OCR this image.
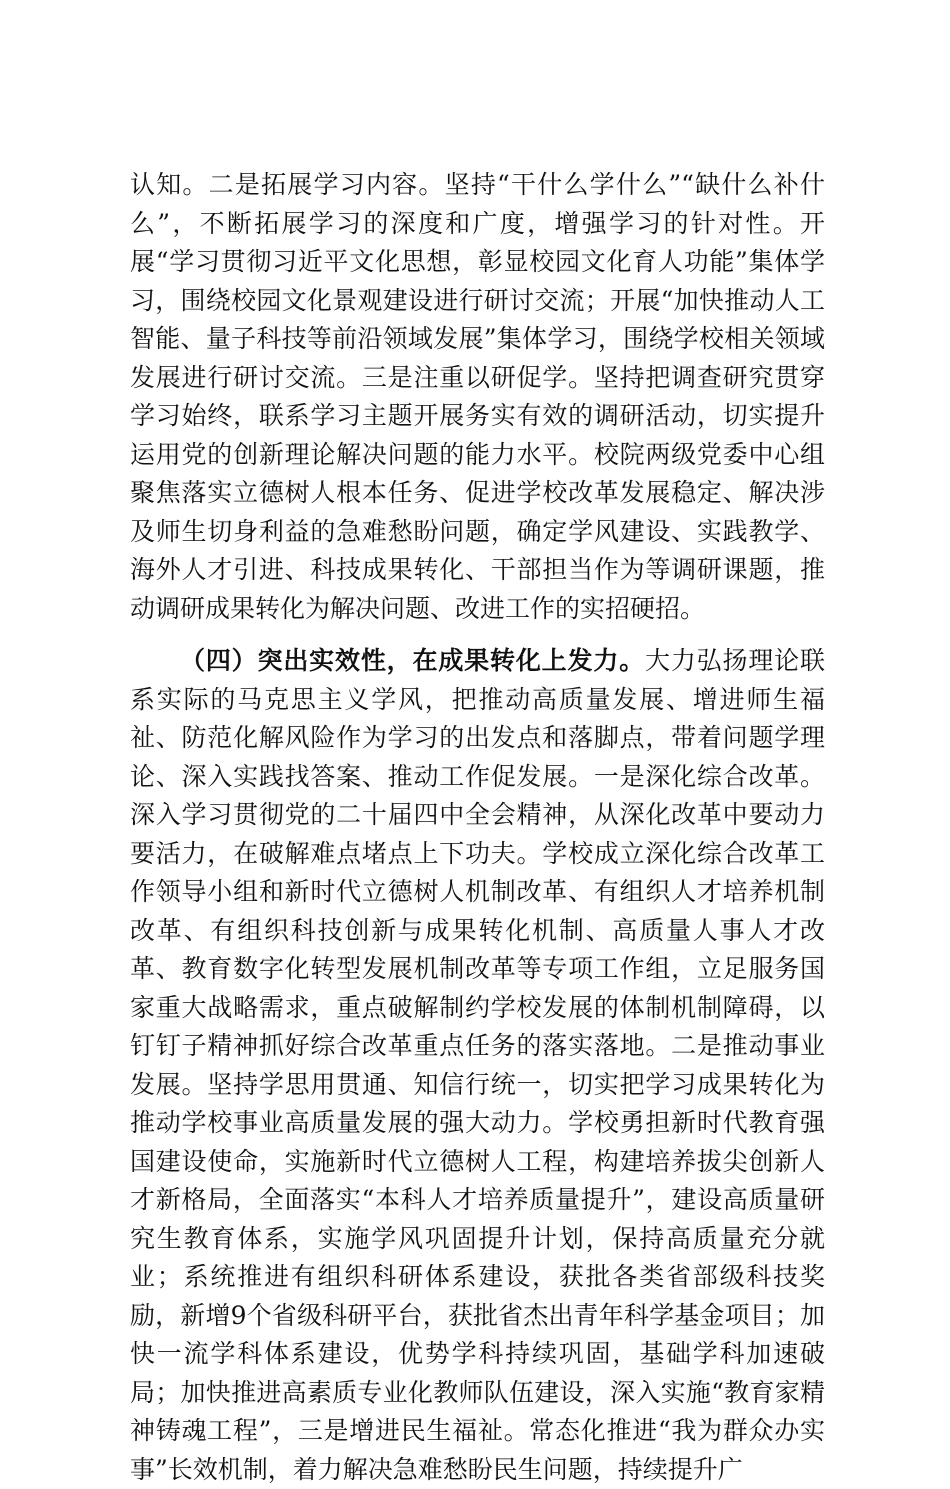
认知。二是拓展学习内容。坚持“干什么学什么”“缺什么补什么”，不断拓展学习的深度和广度，增强学习的针对性。开展“学习贯彻习近平文化思想，彰显校园文化育人功能”集体学习，围绕校园文化景观建设进行研讨交流；开展“加快推动人工智能、量子科技等前沿领域发展”集体学习，围绕学校相关领域发展进行研讨交流。三是注重以研促学。坚持把调查研究贯穿学习始终，联系学习主题开展务实有效的调研活动，切实提升运用党的创新理论解决问题的能力水平。校院两级党委中心组聚焦落实立德树人根本任务、促进学校改革发展稳定、解决涉及师生切身利益的急难愁盼问题，确定学风建设、实践教学、海外人才引进、科技成果转化、干部担当作为等调研课题，推动调研成果转化为解决问题、改进工作的实招硬招。

（四）突出实效性，在成果转化上发力。大力弘扬理论联系实际的马克思主义学风，把推动高质量发展、增进师生福祉、防范化解风险作为学习的出发点和落脚点，带着问题学理论、深入实践找答案、推动工作促发展。一是深化综合改革。深入学习贯彻党的二十届四中全会精神，从深化改革中要动力要活力，在破解难点堵点上下功夫。学校成立深化综合改革工作领导小组和新时代立德树人机制改革、有组织人才培养机制改革、有组织科技创新与成果转化机制、高质量人事人才改革、教育数字化转型发展机制改革等专项工作组，立足服务国家重大战略需求，重点破解制约学校发展的体制机制障碍，以钉钉子精神抓好综合改革重点任务的落实落地。二是推动事业发展。坚持学思用贯通、知信行统一，切实把学习成果转化为推动学校事业高质量发展的强大动力。学校勇担新时代教育强国建设使命，实施新时代立德树人工程，构建培养拔尖创新人才新格局，全面落实“本科人才培养质量提升”，建设高质量研究生教育体系，实施学风巩固提升计划，保持高质量充分就业；系统推进有组织科研体系建设，获批各类省部级科技奖励，新增9个省级科研平台，获批省杰出青年科学基金项目；加快一流学科体系建设，优势学科持续巩固，基础学科加速破局；加快推进高素质专业化教师队伍建设，深入实施“教育家精神铸魂工程”，三是增进民生福祉。常态化推进“我为群众办实事”长效机制，着力解决急难愁盼民生问题，持续提升广
